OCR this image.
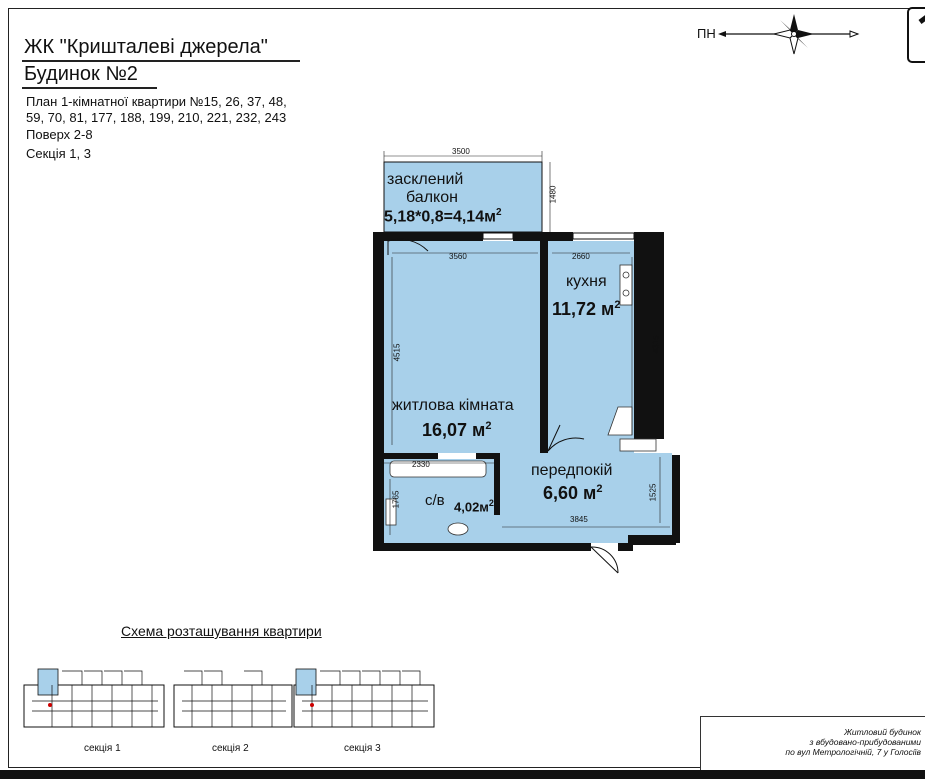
ЖК "Кришталеві джерела"
Будинок №2
План 1-кімнатної квартири №15, 26, 37, 48,
59, 70, 81, 177, 188, 199, 210, 221, 232, 243
Поверх 2-8
Секція 1, 3
ПН
засклений
балкон
$5,18*0,8=4,14м^2$
кухня
11,72 $м^2$
житлова кімната
16,07 $м^2$
передпокій
6,60 $м^2$
с/в $4,02м^2$
3500
1480
3560	2660
4515	4315
2330
1765
3845
1525
Схема розташування квартири
секція 1	секція 2	секція 3
Житловий будинок
з вбудовано-прибудованими
по вул Метрологічній, 7 у Голосіїв
